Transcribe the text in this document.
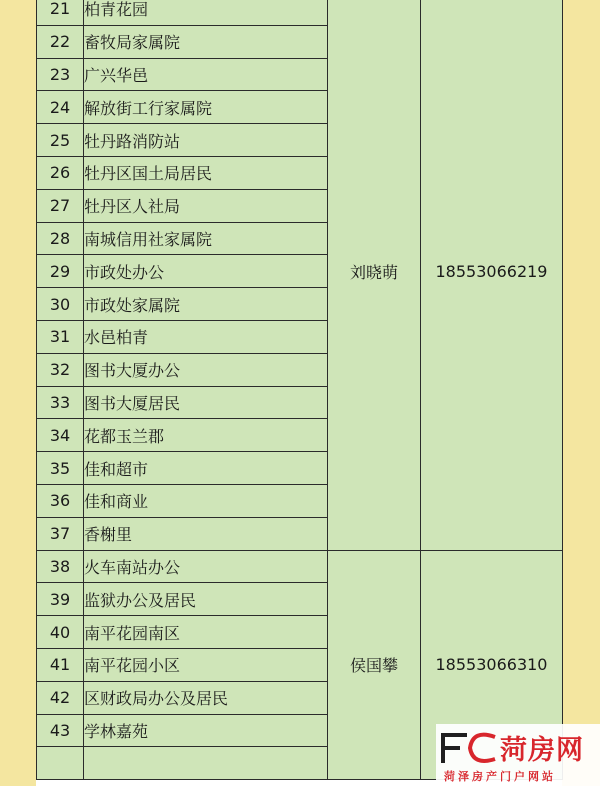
21	柏青花园	刘晓萌	18553066219
22	畜牧局家属院		
23	广兴华邑		
24	解放街工行家属院		
25	牡丹路消防站		
26	牡丹区国土局居民		
27	牡丹区人社局		
28	南城信用社家属院		
29	市政处办公		
30	市政处家属院		
31	水邑柏青		
32	图书大厦办公		
33	图书大厦居民		
34	花都玉兰郡		
35	佳和超市		
36	佳和商业		
37	香榭里		
38	火车南站办公	侯国攀	18553066310
39	监狱办公及居民		
40	南平花园南区		
41	南平花园小区		
42	区财政局办公及居民		
43	学林嘉苑		

FC 菏房网
菏泽房产门户网站
